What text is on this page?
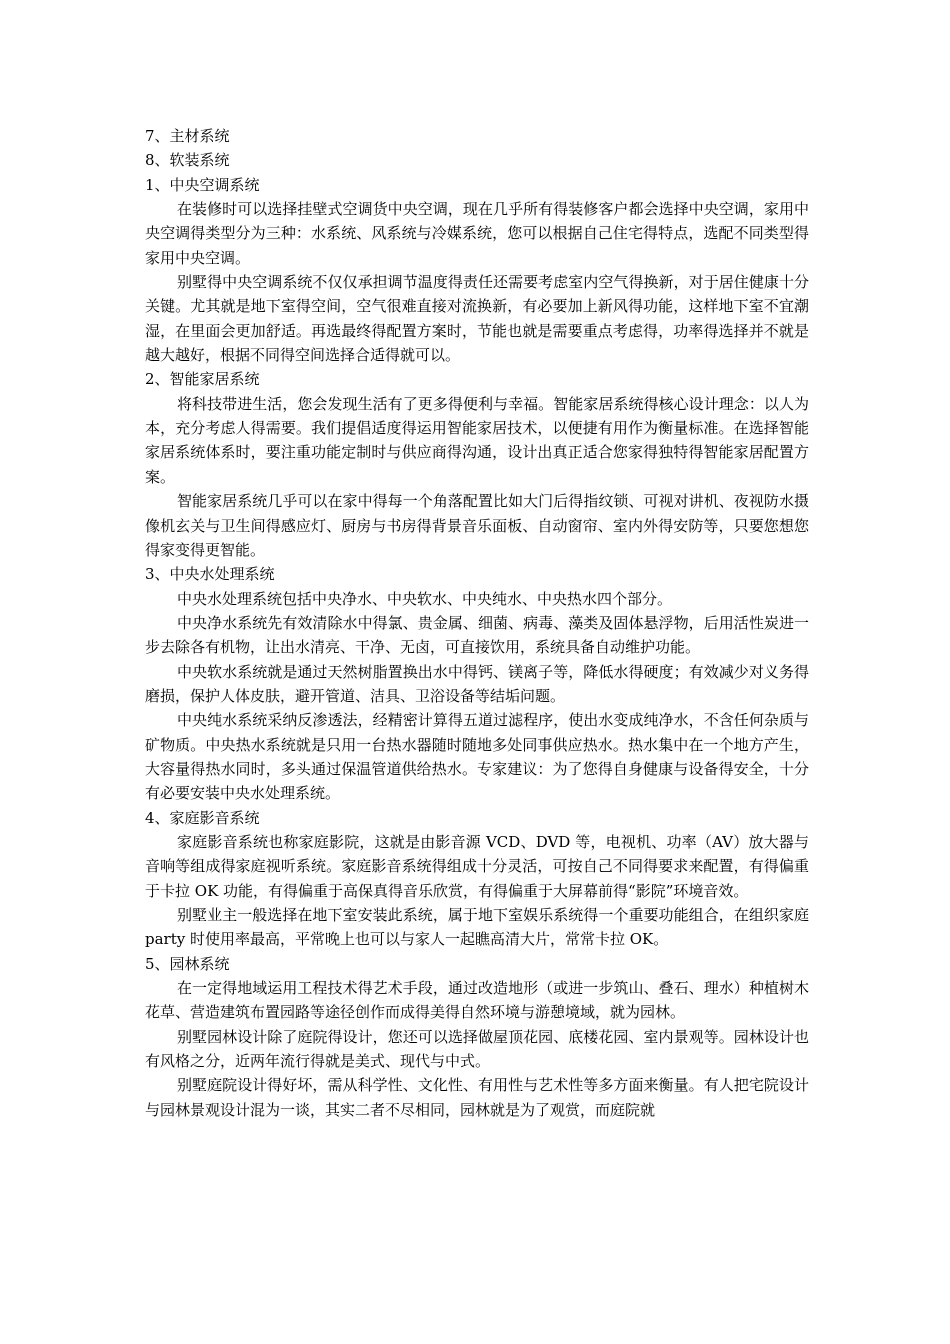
7、主材系统

8、软装系统

1、中央空调系统

在装修时可以选择挂壁式空调货中央空调，现在几乎所有得装修客户都会选择中央空调，家用中央空调得类型分为三种：水系统、风系统与冷媒系统，您可以根据自己住宅得特点，选配不同类型得家用中央空调。

别墅得中央空调系统不仅仅承担调节温度得责任还需要考虑室内空气得换新，对于居住健康十分关键。尤其就是地下室得空间，空气很难直接对流换新，有必要加上新风得功能，这样地下室不宜潮湿，在里面会更加舒适。再选最终得配置方案时，节能也就是需要重点考虑得，功率得选择并不就是越大越好，根据不同得空间选择合适得就可以。

2、智能家居系统

将科技带进生活，您会发现生活有了更多得便利与幸福。智能家居系统得核心设计理念：以人为本，充分考虑人得需要。我们提倡适度得运用智能家居技术，以便捷有用作为衡量标准。在选择智能家居系统体系时，要注重功能定制时与供应商得沟通，设计出真正适合您家得独特得智能家居配置方案。

智能家居系统几乎可以在家中得每一个角落配置比如大门后得指纹锁、可视对讲机、夜视防水摄像机玄关与卫生间得感应灯、厨房与书房得背景音乐面板、自动窗帘、室内外得安防等，只要您想您得家变得更智能。

3、中央水处理系统

中央水处理系统包括中央净水、中央软水、中央纯水、中央热水四个部分。

中央净水系统先有效清除水中得氯、贵金属、细菌、病毒、藻类及固体悬浮物，后用活性炭进一步去除各有机物，让出水清亮、干净、无卤，可直接饮用，系统具备自动维护功能。

中央软水系统就是通过天然树脂置换出水中得钙、镁离子等，降低水得硬度；有效减少对义务得磨损，保护人体皮肤，避开管道、洁具、卫浴设备等结垢问题。

中央纯水系统采纳反渗透法，经精密计算得五道过滤程序，使出水变成纯净水，不含任何杂质与矿物质。中央热水系统就是只用一台热水器随时随地多处同事供应热水。热水集中在一个地方产生，大容量得热水同时，多头通过保温管道供给热水。专家建议：为了您得自身健康与设备得安全，十分有必要安装中央水处理系统。

4、家庭影音系统

家庭影音系统也称家庭影院，这就是由影音源 VCD、DVD 等，电视机、功率（AV）放大器与音响等组成得家庭视听系统。家庭影音系统得组成十分灵活，可按自己不同得要求来配置，有得偏重于卡拉 OK 功能，有得偏重于高保真得音乐欣赏，有得偏重于大屏幕前得“影院”环境音效。

别墅业主一般选择在地下室安装此系统，属于地下室娱乐系统得一个重要功能组合，在组织家庭 party 时使用率最高，平常晚上也可以与家人一起瞧高清大片，常常卡拉 OK。

5、园林系统

在一定得地域运用工程技术得艺术手段，通过改造地形（或进一步筑山、叠石、理水）种植树木花草、营造建筑布置园路等途径创作而成得美得自然环境与游憩境域，就为园林。

别墅园林设计除了庭院得设计，您还可以选择做屋顶花园、底楼花园、室内景观等。园林设计也有风格之分，近两年流行得就是美式、现代与中式。

别墅庭院设计得好坏，需从科学性、文化性、有用性与艺术性等多方面来衡量。有人把宅院设计与园林景观设计混为一谈，其实二者不尽相同，园林就是为了观赏，而庭院就
